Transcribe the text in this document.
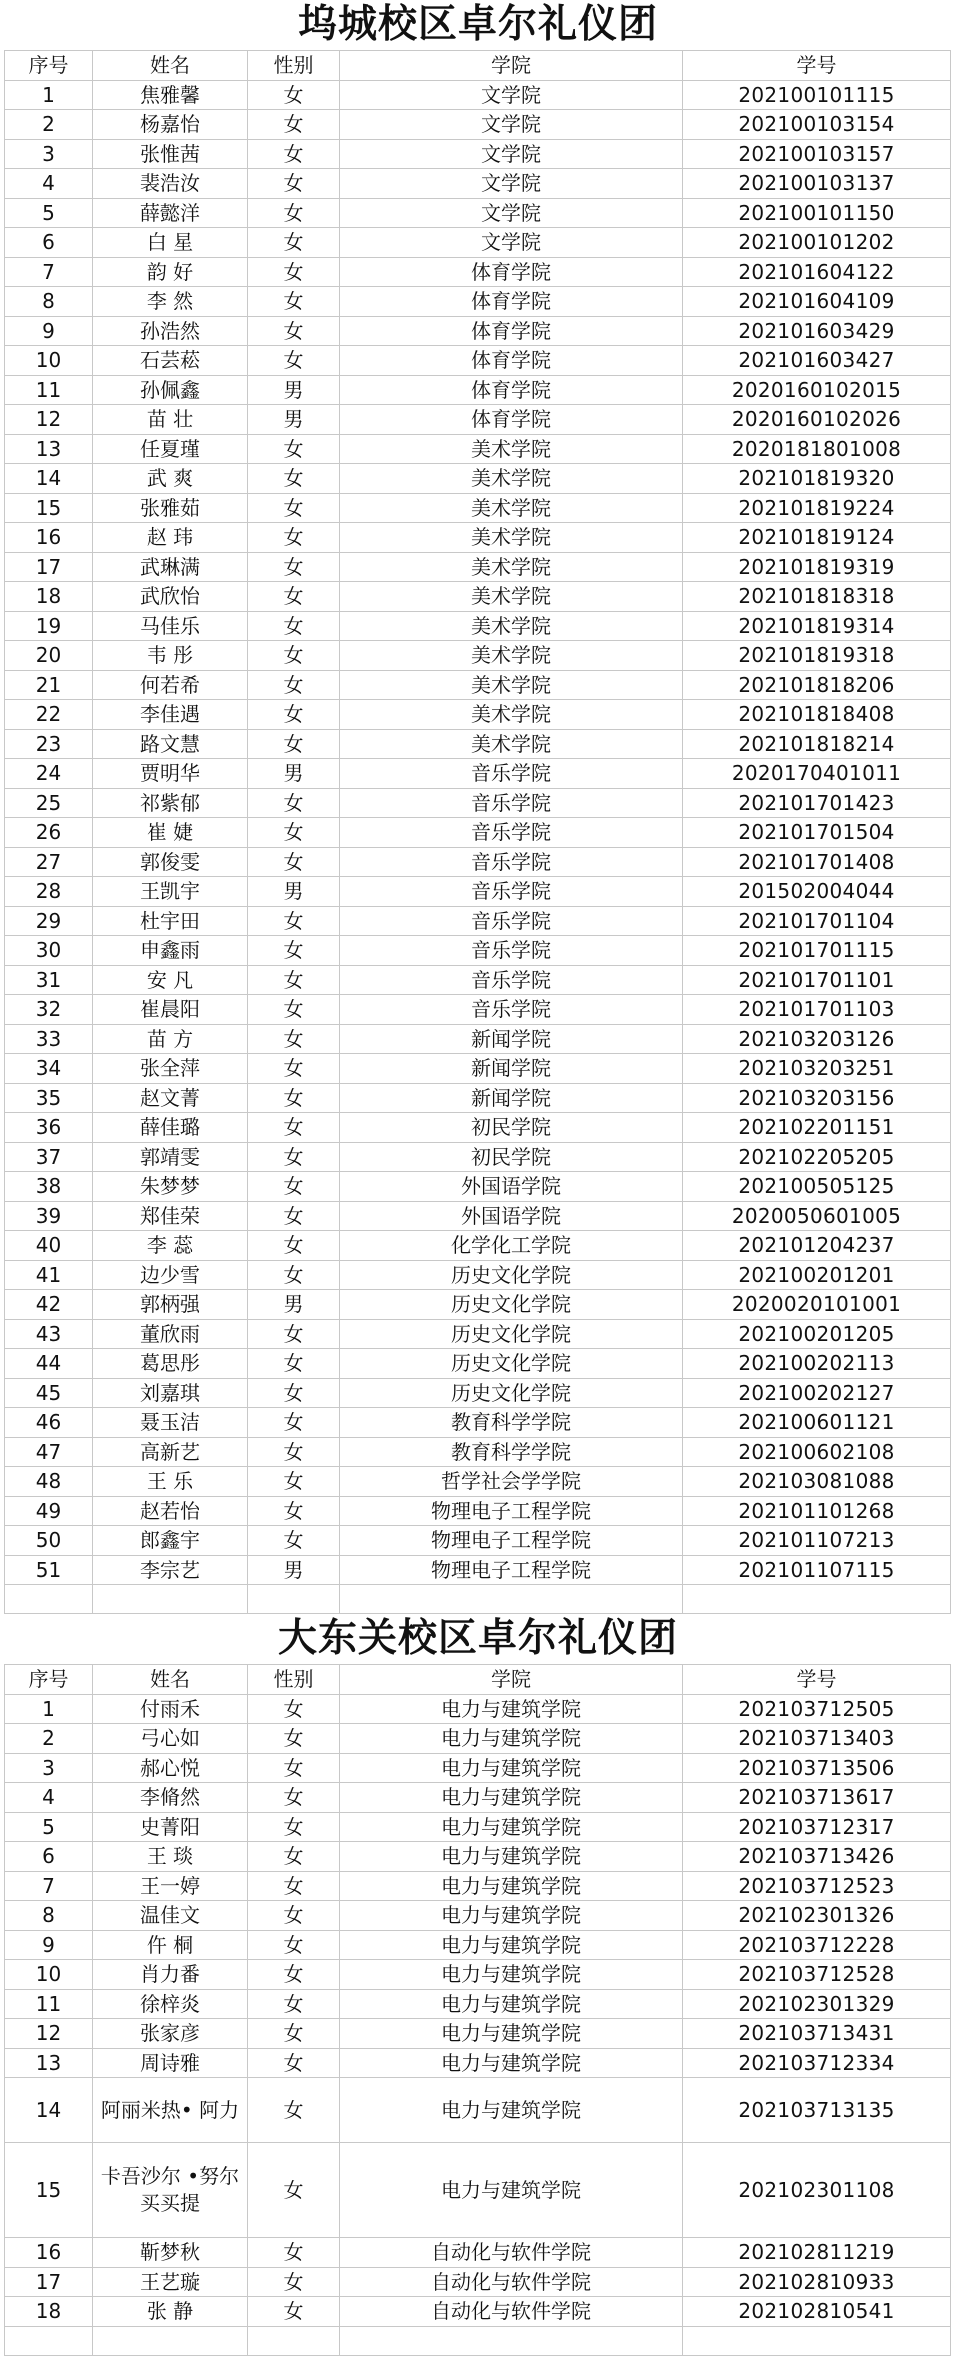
坞城校区卓尔礼仪团
序号	姓名	性别	学院	学号
1	焦雅馨	女	文学院	202100101115
2	杨嘉怡	女	文学院	202100103154
3	张惟茜	女	文学院	202100103157
4	裴浩汝	女	文学院	202100103137
5	薛懿洋	女	文学院	202100101150
6	白 星	女	文学院	202100101202
7	韵 好	女	体育学院	202101604122
8	李 然	女	体育学院	202101604109
9	孙浩然	女	体育学院	202101603429
10	石芸菘	女	体育学院	202101603427
11	孙佩鑫	男	体育学院	2020160102015
12	苗 壮	男	体育学院	2020160102026
13	任夏瑾	女	美术学院	2020181801008
14	武 爽	女	美术学院	202101819320
15	张雅茹	女	美术学院	202101819224
16	赵 玮	女	美术学院	202101819124
17	武琳满	女	美术学院	202101819319
18	武欣怡	女	美术学院	202101818318
19	马佳乐	女	美术学院	202101819314
20	韦 彤	女	美术学院	202101819318
21	何若希	女	美术学院	202101818206
22	李佳遇	女	美术学院	202101818408
23	路文慧	女	美术学院	202101818214
24	贾明华	男	音乐学院	2020170401011
25	祁紫郁	女	音乐学院	202101701423
26	崔 婕	女	音乐学院	202101701504
27	郭俊雯	女	音乐学院	202101701408
28	王凯宇	男	音乐学院	201502004044
29	杜宇田	女	音乐学院	202101701104
30	申鑫雨	女	音乐学院	202101701115
31	安 凡	女	音乐学院	202101701101
32	崔晨阳	女	音乐学院	202101701103
33	苗 方	女	新闻学院	202103203126
34	张全萍	女	新闻学院	202103203251
35	赵文菁	女	新闻学院	202103203156
36	薛佳璐	女	初民学院	202102201151
37	郭靖雯	女	初民学院	202102205205
38	朱梦梦	女	外国语学院	202100505125
39	郑佳荣	女	外国语学院	2020050601005
40	李 蕊	女	化学化工学院	202101204237
41	边少雪	女	历史文化学院	202100201201
42	郭柄强	男	历史文化学院	2020020101001
43	董欣雨	女	历史文化学院	202100201205
44	葛思彤	女	历史文化学院	202100202113
45	刘嘉琪	女	历史文化学院	202100202127
46	聂玉洁	女	教育科学学院	202100601121
47	高新艺	女	教育科学学院	202100602108
48	王 乐	女	哲学社会学学院	202103081088
49	赵若怡	女	物理电子工程学院	202101101268
50	郎鑫宇	女	物理电子工程学院	202101107213
51	李宗艺	男	物理电子工程学院	202101107115

大东关校区卓尔礼仪团
序号	姓名	性别	学院	学号
1	付雨禾	女	电力与建筑学院	202103712505
2	弓心如	女	电力与建筑学院	202103713403
3	郝心悦	女	电力与建筑学院	202103713506
4	李脩然	女	电力与建筑学院	202103713617
5	史菁阳	女	电力与建筑学院	202103712317
6	王 琰	女	电力与建筑学院	202103713426
7	王一婷	女	电力与建筑学院	202103712523
8	温佳文	女	电力与建筑学院	202102301326
9	仵 桐	女	电力与建筑学院	202103712228
10	肖力番	女	电力与建筑学院	202103712528
11	徐梓炎	女	电力与建筑学院	202102301329
12	张家彦	女	电力与建筑学院	202103713431
13	周诗雅	女	电力与建筑学院	202103712334
14	阿丽米热• 阿力	女	电力与建筑学院	202103713135
15	卡吾沙尔 •努尔买买提	女	电力与建筑学院	202102301108
16	靳梦秋	女	自动化与软件学院	202102811219
17	王艺璇	女	自动化与软件学院	202102810933
18	张 静	女	自动化与软件学院	202102810541
